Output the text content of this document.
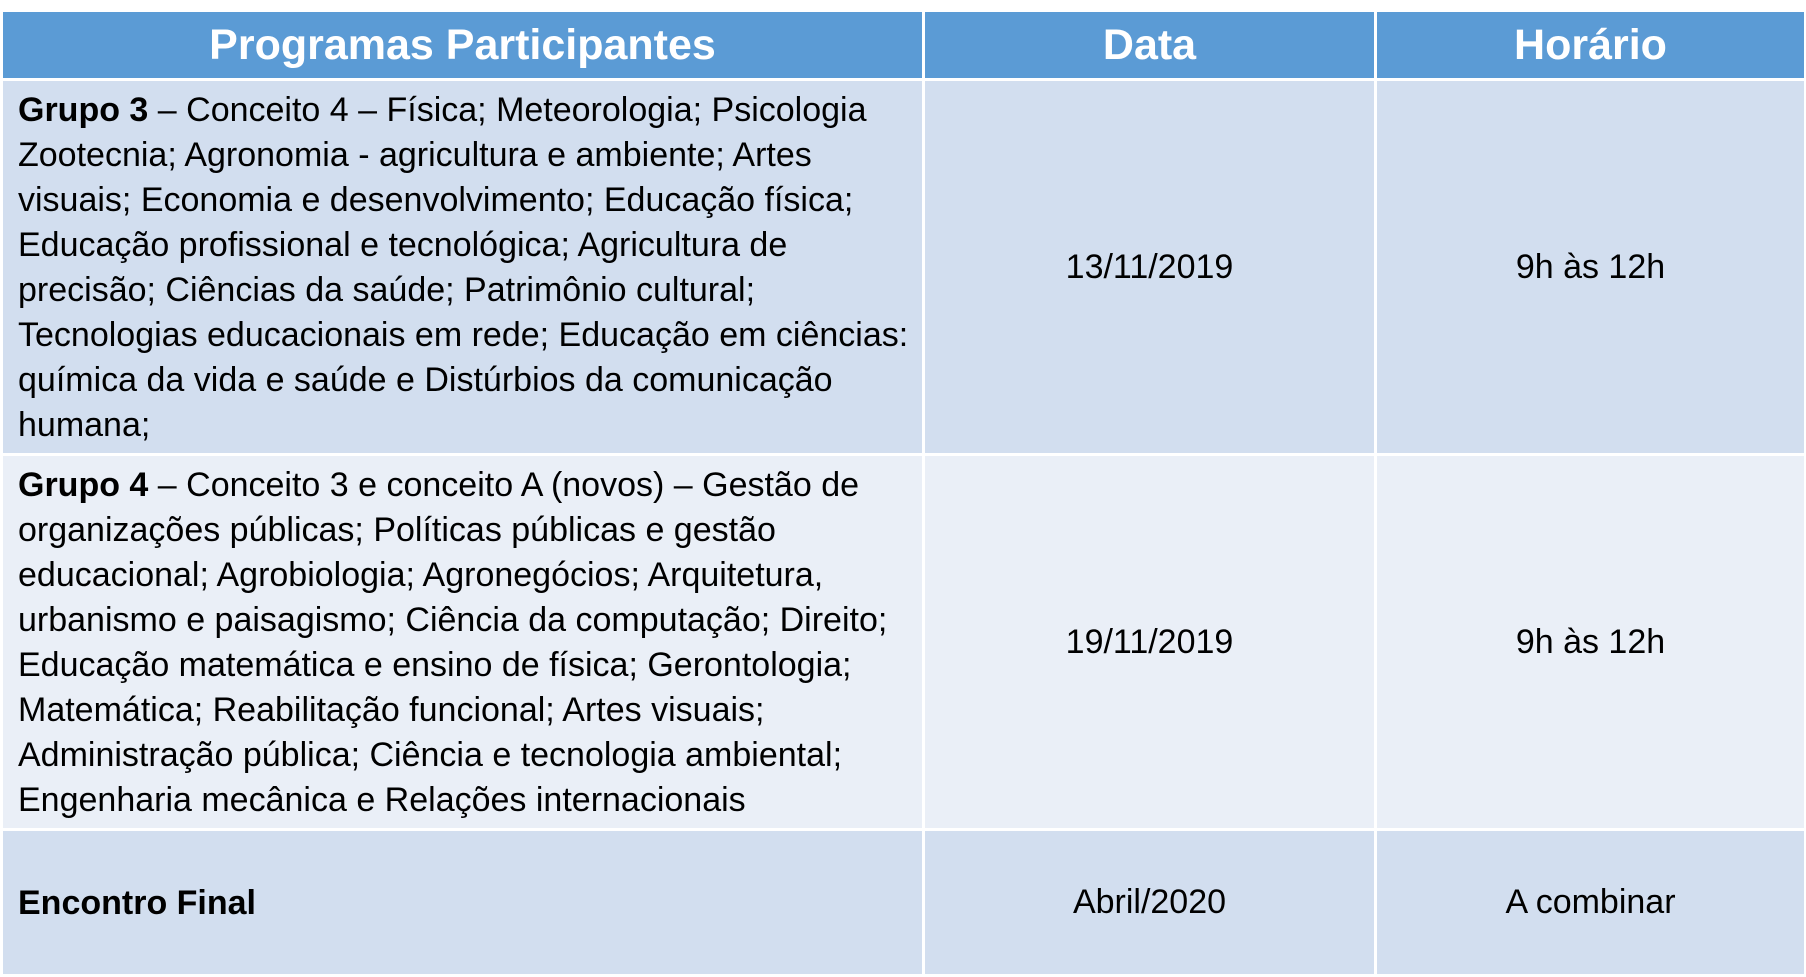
Programas Participantes	Data	Horário
Grupo 3 – Conceito 4 – Física; Meteorologia; Psicologia Zootecnia; Agronomia - agricultura e ambiente; Artes visuais; Economia e desenvolvimento; Educação física; Educação profissional e tecnológica; Agricultura de precisão; Ciências da saúde; Patrimônio cultural; Tecnologias educacionais em rede; Educação em ciências: química da vida e saúde e Distúrbios da comunicação humana;	13/11/2019	9h às 12h
Grupo 4 – Conceito 3 e conceito A (novos) – Gestão de organizações públicas; Políticas públicas e gestão educacional; Agrobiologia; Agronegócios; Arquitetura, urbanismo e paisagismo; Ciência da computação; Direito; Educação matemática e ensino de física; Gerontologia; Matemática; Reabilitação funcional; Artes visuais; Administração pública; Ciência e tecnologia ambiental; Engenharia mecânica e Relações internacionais	19/11/2019	9h às 12h
Encontro Final	Abril/2020	A combinar
